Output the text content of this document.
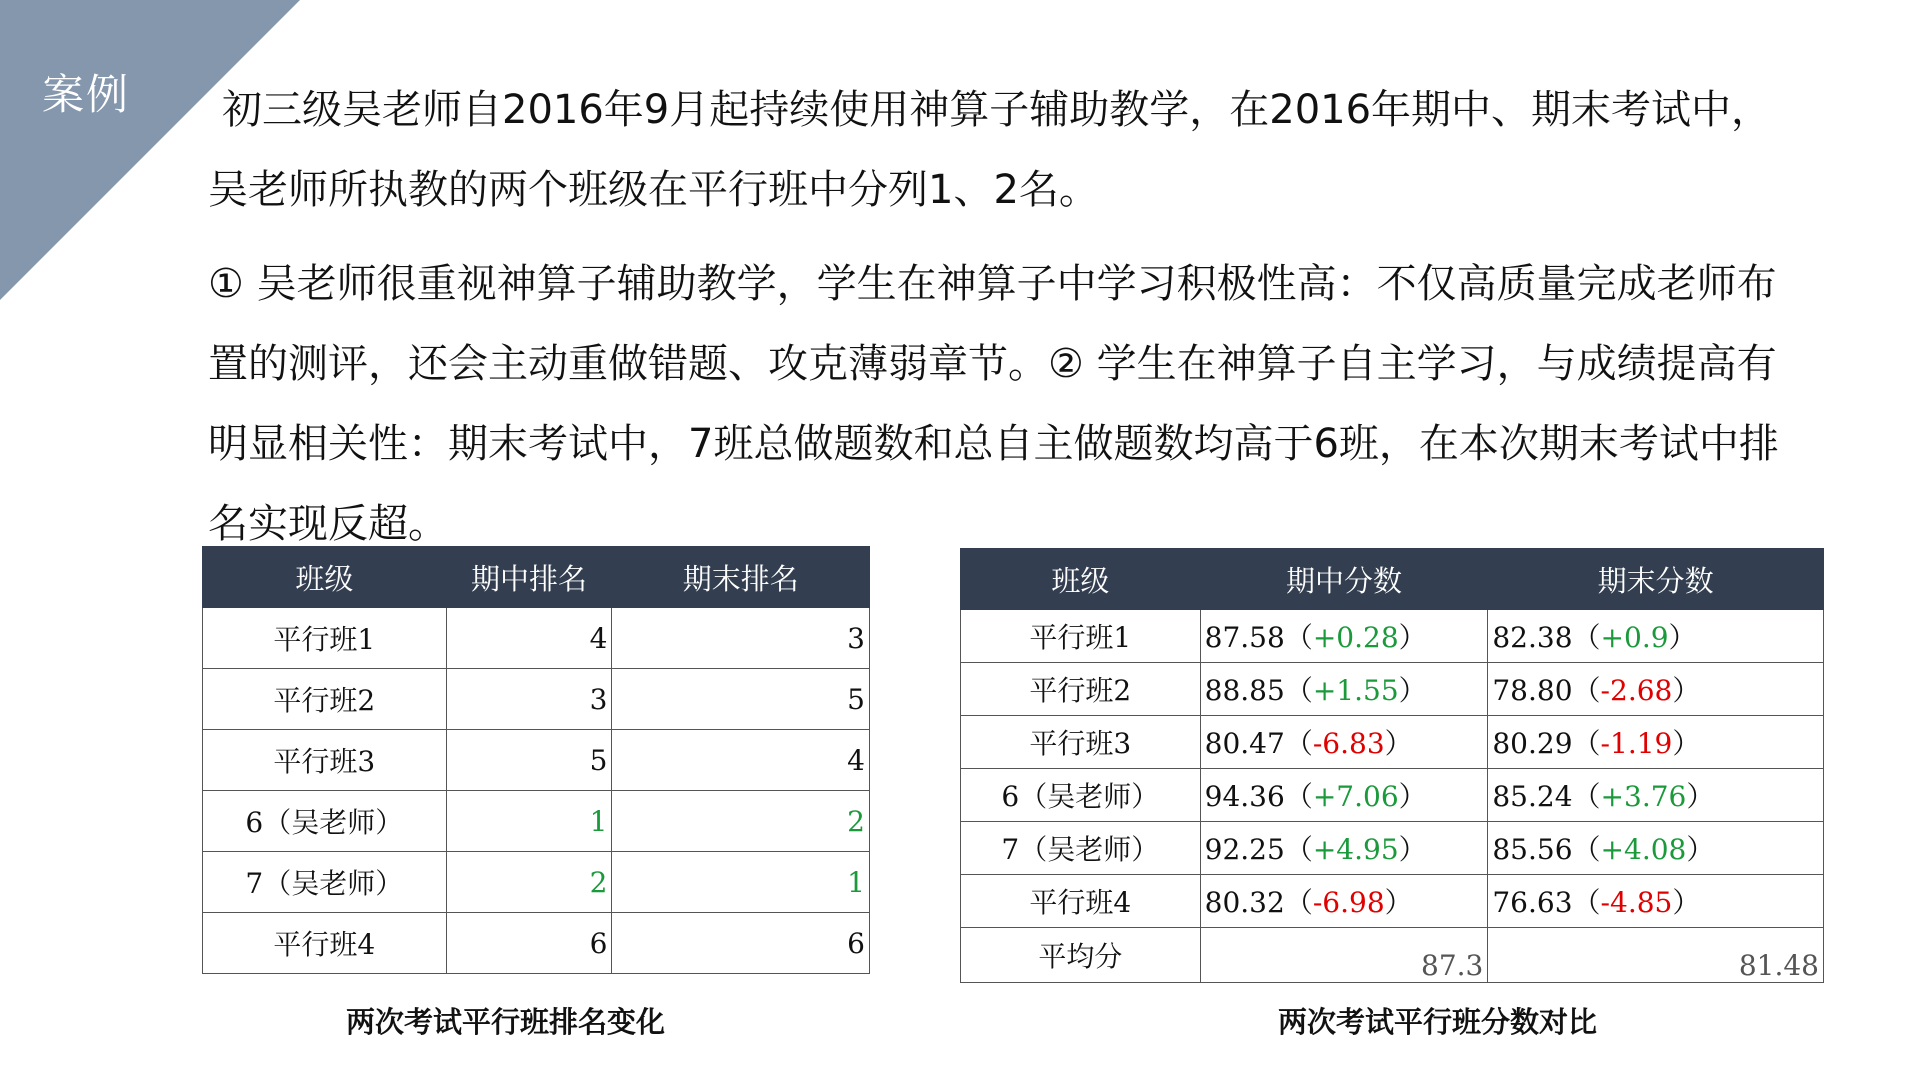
案例	初三级吴老师自2016年9月起持续使用神算子辅助教学，在2016年期中、期末考试中，吴老师所执教的两个班级在平行班中分列1、2名。

① 吴老师很重视神算子辅助教学，学生在神算子中学习积极性高：不仅高质量完成老师布置的测评，还会主动重做错题、攻克薄弱章节。② 学生在神算子自主学习，与成绩提高有明显相关性：期末考试中，7班总做题数和总自主做题数均高于6班，在本次期末考试中排名实现反超。

班级	期中排名	期末排名
平行班1	4	3
平行班2	3	5
平行班3	5	4
6（吴老师）	1	2
7（吴老师）	2	1
平行班4	6	6
班级	期中分数	期末分数
平行班1	87.58（+0.28）	82.38（+0.9）
平行班2	88.85（+1.55）	78.80（-2.68）
平行班3	80.47（-6.83）	80.29（-1.19）
6（吴老师）	94.36（+7.06）	85.24（+3.76）
7（吴老师）	92.25（+4.95）	85.56（+4.08）
平行班4	80.32（-6.98）	76.63（-4.85）
平均分	87.3	81.48
两次考试平行班排名变化	两次考试平行班分数对比
